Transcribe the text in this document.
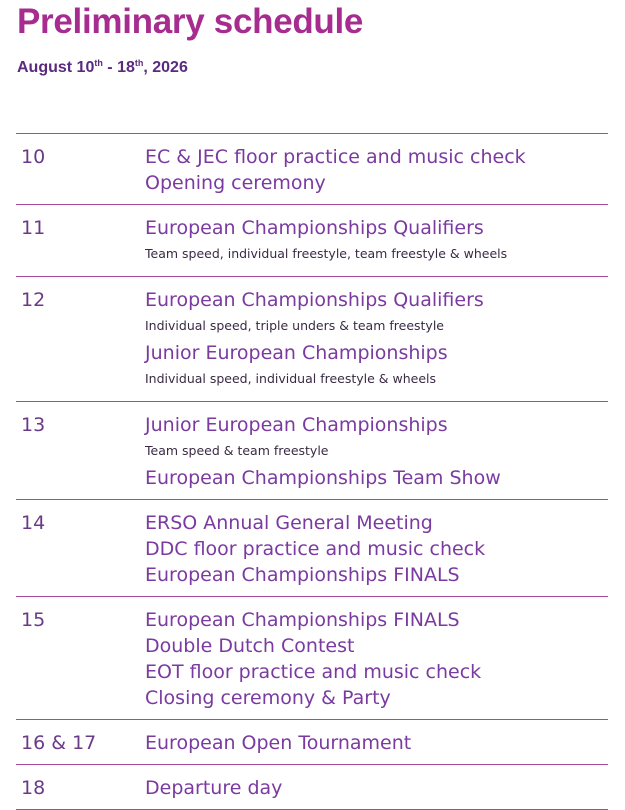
Preliminary schedule

August 10th - 18th, 2026

10	EC & JEC floor practice and music check
Opening ceremony
11	European Championships Qualifiers
Team speed, individual freestyle, team freestyle & wheels
12	European Championships Qualifiers
Individual speed, triple unders & team freestyle
Junior European Championships
Individual speed, individual freestyle & wheels
13	Junior European Championships
Team speed & team freestyle
European Championships Team Show
14	ERSO Annual General Meeting
DDC floor practice and music check
European Championships FINALS
15	European Championships FINALS
Double Dutch Contest
EOT floor practice and music check
Closing ceremony & Party
16 & 17	European Open Tournament
18	Departure day
